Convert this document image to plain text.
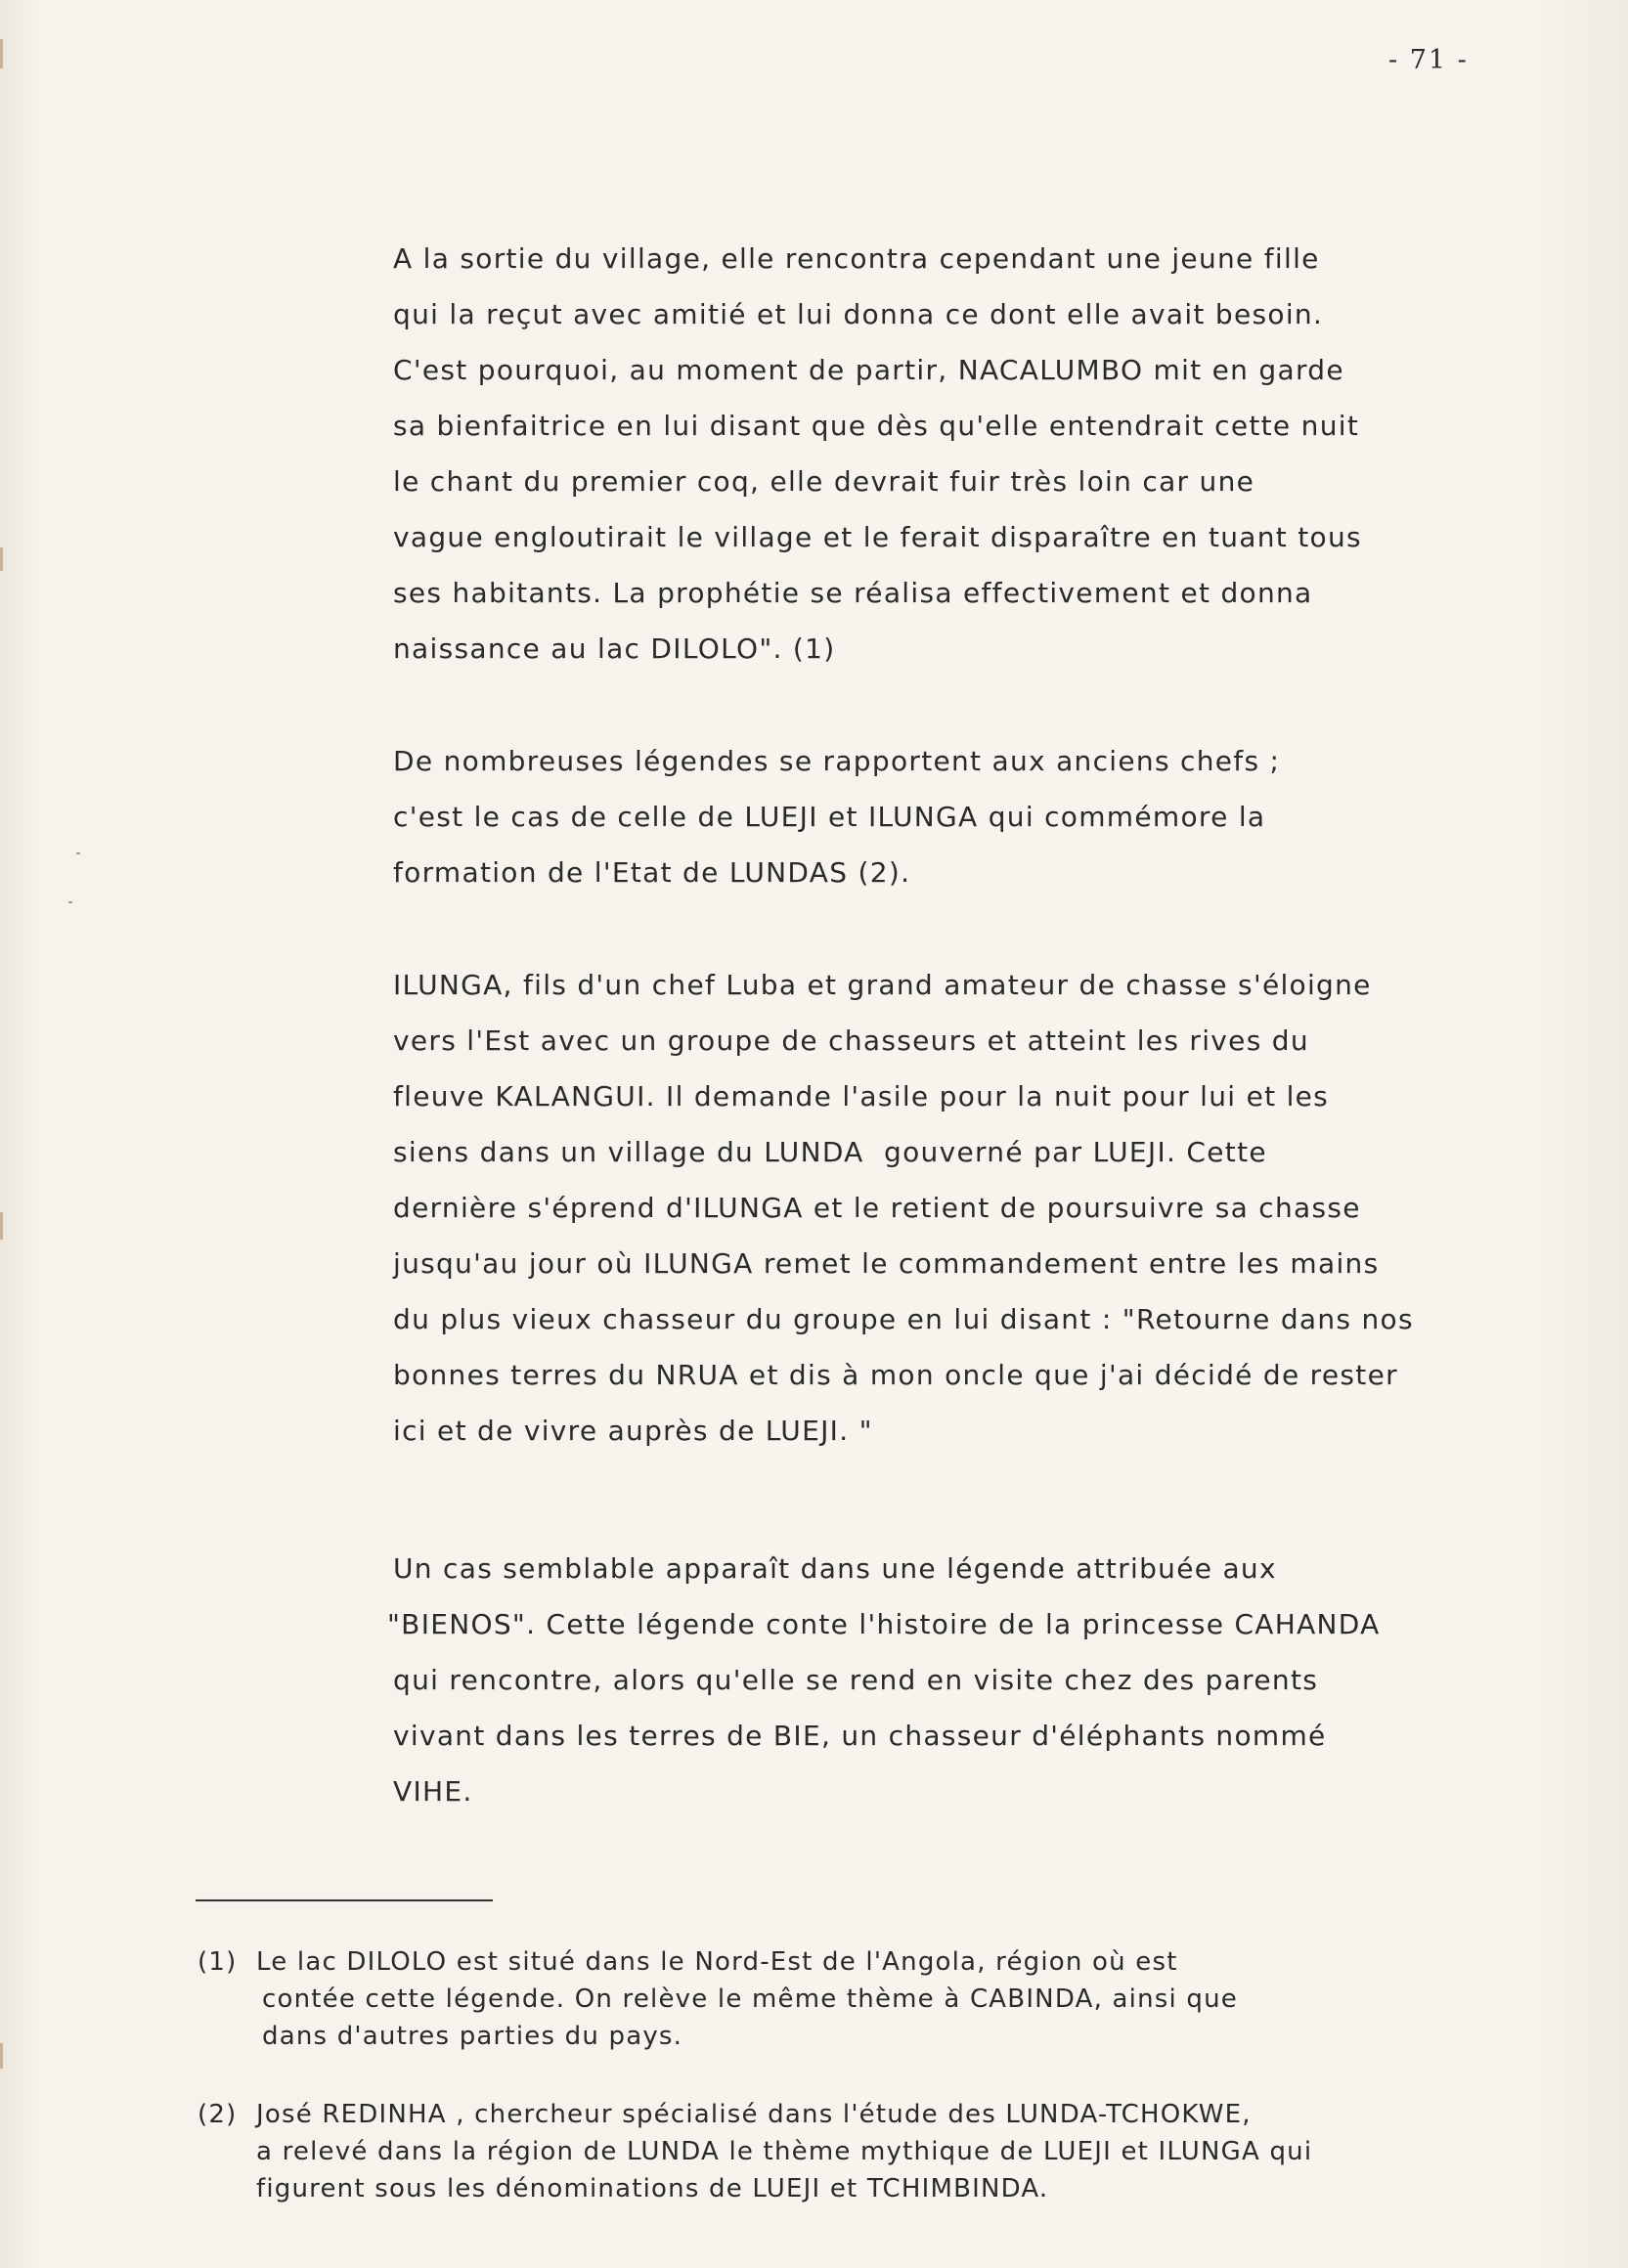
- 71 -
A la sortie du village, elle rencontra cependant une jeune fille
qui la reçut avec amitié et lui donna ce dont elle avait besoin.
C'est pourquoi, au moment de partir, NACALUMBO mit en garde
sa bienfaitrice en lui disant que dès qu'elle entendrait cette nuit
le chant du premier coq, elle devrait fuir très loin car une
vague engloutirait le village et le ferait disparaître en tuant tous
ses habitants. La prophétie se réalisa effectivement et donna
naissance au lac DILOLO". (1)
De nombreuses légendes se rapportent aux anciens chefs ;
c'est le cas de celle de LUEJI et ILUNGA qui commémore la
formation de l'Etat de LUNDAS (2).
ILUNGA, fils d'un chef Luba et grand amateur de chasse s'éloigne
vers l'Est avec un groupe de chasseurs et atteint les rives du
fleuve KALANGUI. Il demande l'asile pour la nuit pour lui et les
siens dans un village du LUNDA  gouverné par LUEJI. Cette
dernière s'éprend d'ILUNGA et le retient de poursuivre sa chasse
jusqu'au jour où ILUNGA remet le commandement entre les mains
du plus vieux chasseur du groupe en lui disant : "Retourne dans nos
bonnes terres du NRUA et dis à mon oncle que j'ai décidé de rester
ici et de vivre auprès de LUEJI. "
Un cas semblable apparaît dans une légende attribuée aux
"BIENOS". Cette légende conte l'histoire de la princesse CAHANDA
qui rencontre, alors qu'elle se rend en visite chez des parents
vivant dans les terres de BIE, un chasseur d'éléphants nommé
VIHE.
(1) Le lac DILOLO est situé dans le Nord-Est de l'Angola, région où est
contée cette légende. On relève le même thème à CABINDA, ainsi que
dans d'autres parties du pays.
(2) José REDINHA , chercheur spécialisé dans l'étude des LUNDA-TCHOKWE,
a relevé dans la région de LUNDA le thème mythique de LUEJI et ILUNGA qui
figurent sous les dénominations de LUEJI et TCHIMBINDA.
